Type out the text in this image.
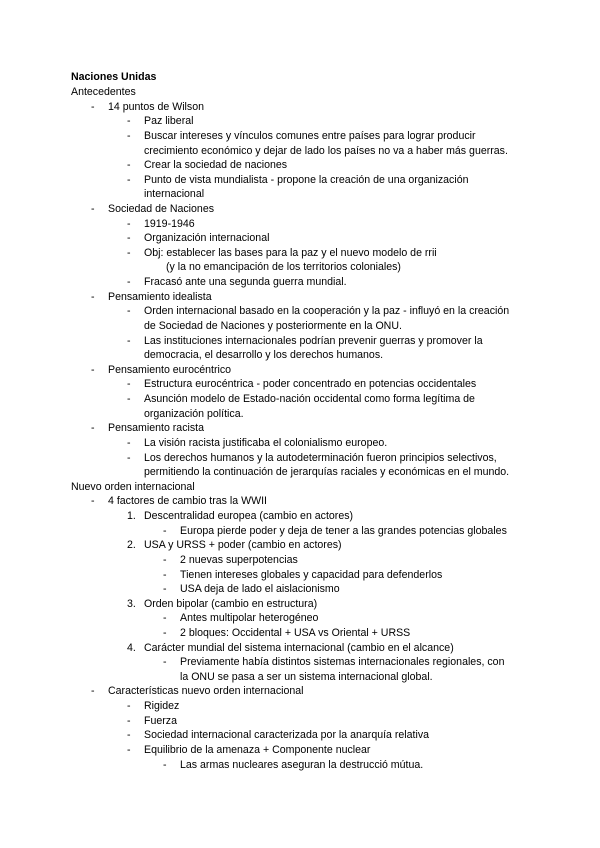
Naciones Unidas
Antecedentes
- 14 puntos de Wilson
- Paz liberal
- Buscar intereses y vínculos comunes entre países para lograr producir
crecimiento económico y dejar de lado los países no va a haber más guerras.
- Crear la sociedad de naciones
- Punto de vista mundialista - propone la creación de una organización
internacional
- Sociedad de Naciones
- 1919-1946
- Organización internacional
- Obj: establecer las bases para la paz y el nuevo modelo de rrii
(y la no emancipación de los territorios coloniales)
- Fracasó ante una segunda guerra mundial.
- Pensamiento idealista
- Orden internacional basado en la cooperación y la paz - influyó en la creación
de Sociedad de Naciones y posteriormente en la ONU.
- Las instituciones internacionales podrían prevenir guerras y promover la
democracia, el desarrollo y los derechos humanos.
- Pensamiento eurocéntrico
- Estructura eurocéntrica - poder concentrado en potencias occidentales
- Asunción modelo de Estado-nación occidental como forma legítima de
organización política.
- Pensamiento racista
- La visión racista justificaba el colonialismo europeo.
- Los derechos humanos y la autodeterminación fueron principios selectivos,
permitiendo la continuación de jerarquías raciales y económicas en el mundo.
Nuevo orden internacional
- 4 factores de cambio tras la WWII
1. Descentralidad europea (cambio en actores)
- Europa pierde poder y deja de tener a las grandes potencias globales
2. USA y URSS + poder (cambio en actores)
- 2 nuevas superpotencias
- Tienen intereses globales y capacidad para defenderlos
- USA deja de lado el aislacionismo
3. Orden bipolar (cambio en estructura)
- Antes multipolar heterogéneo
- 2 bloques: Occidental + USA vs Oriental + URSS
4. Carácter mundial del sistema internacional (cambio en el alcance)
- Previamente había distintos sistemas internacionales regionales, con
la ONU se pasa a ser un sistema internacional global.
- Características nuevo orden internacional
- Rigidez
- Fuerza
- Sociedad internacional caracterizada por la anarquía relativa
- Equilibrio de la amenaza + Componente nuclear
- Las armas nucleares aseguran la destrucció mútua.
